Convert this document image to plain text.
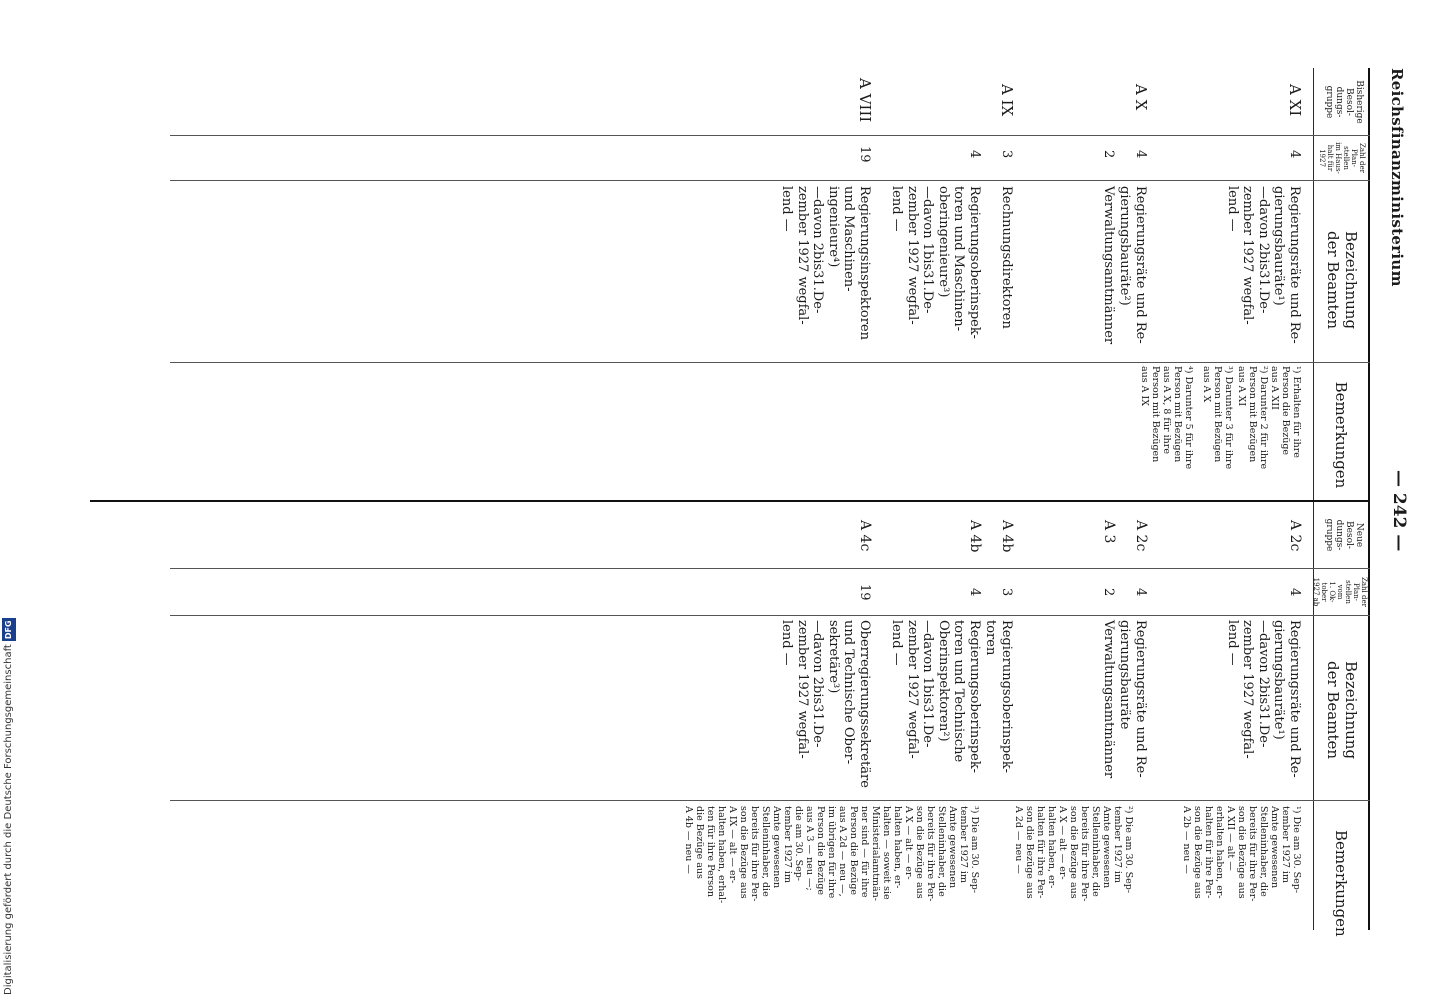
Reichsfinanzministerium
— 242 —
Bisherige
Besol-
dungs-
gruppe
Zahl der
Plan-
stellen
im Haus-
halt für
1927
Bezeichnung
der Beamten
Bemerkungen
Neue
Besol-
dungs-
gruppe
Zahl der
Plan-
stellen
vom
1. Ok-
tober
1927 ab
Bezeichnung
der Beamten
Bemerkungen
A XI
4
Regierungsräte und Re-
gierungsbauräte¹)
—davon 2bis31.De-
zember 1927 wegfal-
lend —
¹) Erhalten für ihre
Person die Bezüge
aus A XII
²) Darunter 2 für ihre
Person mit Bezügen
aus A XI
A X
4
Regierungsräte und Re-
gierungsbauräte²)
³) Darunter 3 für ihre
Person mit Bezügen
aus A X
2
Verwaltungsamtmänner
⁴) Darunter 5 für ihre
Person mit Bezügen
aus A X, 8 für ihre
Person mit Bezügen
aus A IX
A IX
3
Rechnungsdirektoren
4
Regierungsoberinspek-
toren und Maschinen-
oberingenieure³)
—davon 1bis31.De-
zember 1927 wegfal-
lend —
A VIII
19
Regierungsinspektoren
und Maschinen-
ingenieure⁴)
—davon 2bis31.De-
zember 1927 wegfal-
lend —
A 2c
4
Regierungsräte und Re-
gierungsbauräte¹)
—davon 2bis31.De-
zember 1927 wegfal-
lend —
¹) Die am 30. Sep-
tember 1927 im
Amte gewesenen
Stelleninhaber, die
bereits für ihre Per-
son die Bezüge aus
A XII — alt —
erhalten haben, er-
halten für ihre Per-
son die Bezüge aus
A 2b — neu —
A 2c
4
Regierungsräte und Re-
gierungsbauräte
²) Die am 30. Sep-
tember 1927 im
Amte gewesenen
Stelleninhaber, die
bereits für ihre Per-
son die Bezüge aus
A X — alt — er-
halten haben, er-
halten für ihre Per-
son die Bezüge aus
A 2d — neu —
A 3
2
Verwaltungsamtmänner
A 4b
3
Regierungsoberinspek-
toren
³) Die am 30. Sep-
tember 1927 im
Amte gewesenen
Stelleninhaber, die
bereits für ihre Per-
son die Bezüge aus
A X — alt — er-
halten haben, er-
halten — soweit sie
Ministerialamtmän-
ner sind — für ihre
Person die Bezüge
aus A 2d — neu —,
im übrigen für ihre
Person die Bezüge
aus A 3 — neu —;
die am 30. Sep-
tember 1927 im
Amte gewesenen
Stelleninhaber, die
bereits für ihre Per-
son die Bezüge aus
A IX — alt — er-
halten haben, erhal-
ten für ihre Person
die Bezüge aus
A 4b — neu —
A 4b
4
Regierungsoberinspek-
toren und Technische
Oberinspektoren²)
—davon 1bis31.De-
zember 1927 wegfal-
lend —
A 4c
19
Oberregierungssekretäre
und Technische Ober-
sekretäre³)
—davon 2bis31.De-
zember 1927 wegfal-
lend —
Digitalisierung gefördert durch die Deutsche ForschungsgemeinschaftDFG
